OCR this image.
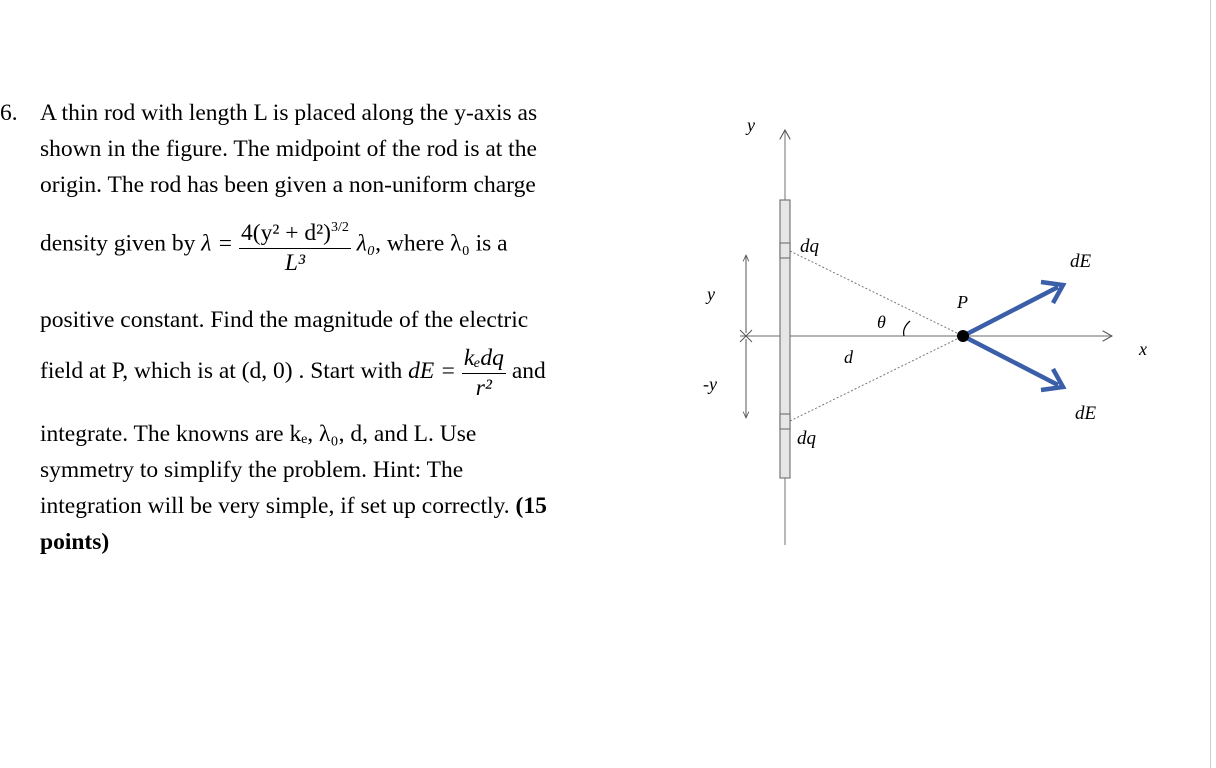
6. A thin rod with length L is placed along the y-axis as
shown in the figure. The midpoint of the rod is at the
origin. The rod has been given a non-uniform charge
density given by $\lambda = \frac{4(y^2 + d^2)^{3/2}}{\text{L³}} \lambda_0$, where λ₀ is a
positive constant. Find the magnitude of the electric
field at P, which is at (d, 0) . Start with dE = $\frac{\text{kₑdq}}{\text{r²}}$ and
integrate. The knowns are kₑ, λ₀, d, and L. Use
symmetry to simplify the problem. Hint: The
integration will be very simple, if set up correctly. (15
points)
y
x
dq
dq
y
-y
d
θ
P
dE
dE
